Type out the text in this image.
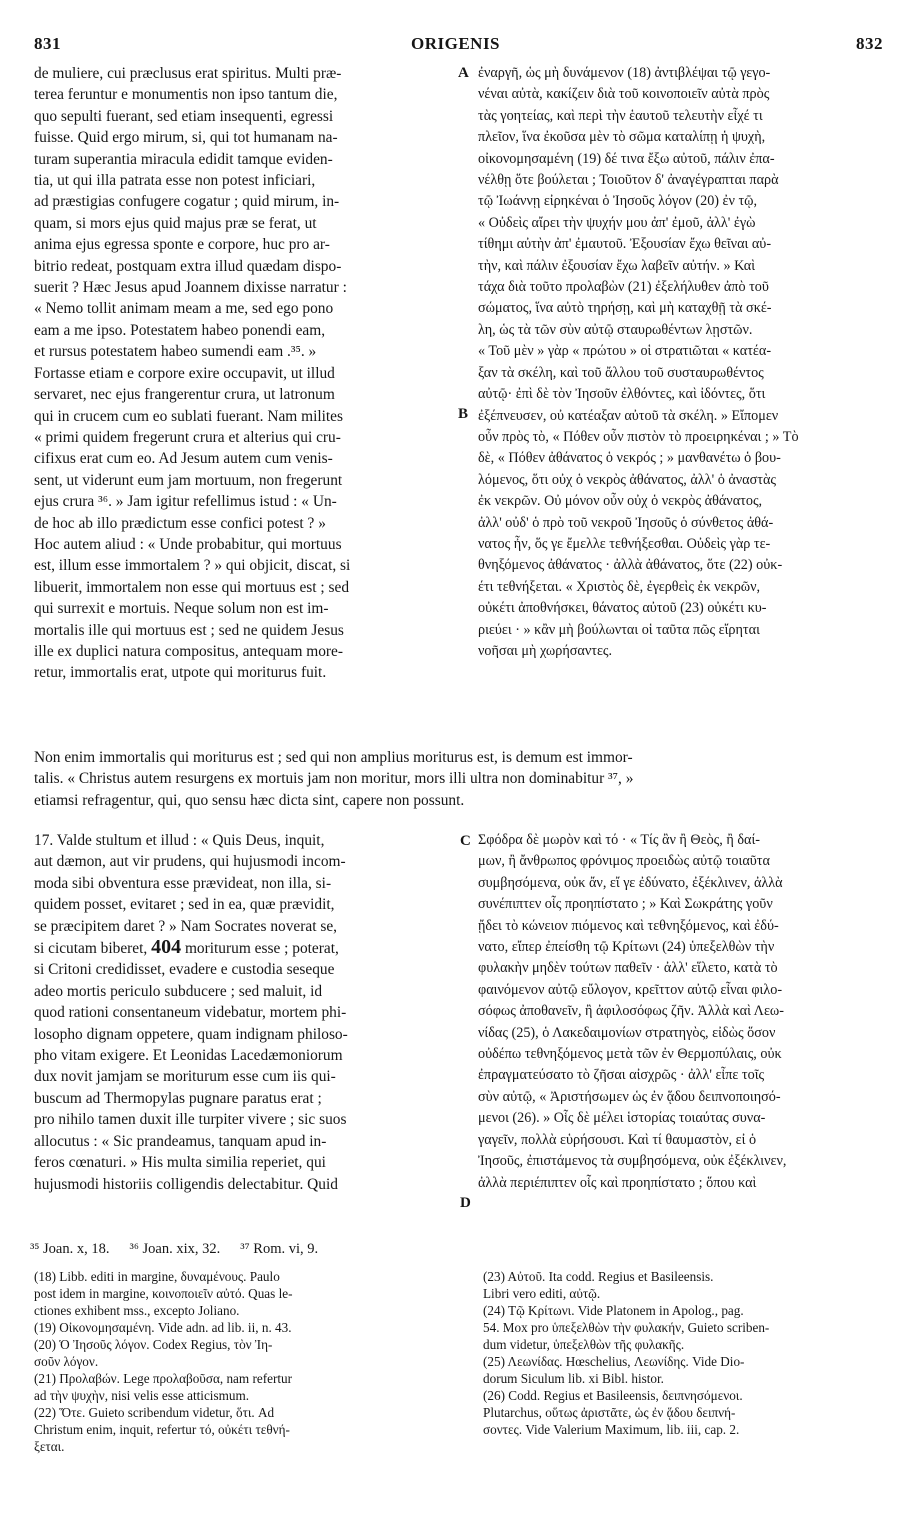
831	ORIGENIS	832
de muliere, cui præclusus erat spiritus. Multi præ-
terea feruntur e monumentis non ipso tantum die,
quo sepulti fuerant, sed etiam insequenti, egressi
fuisse. Quid ergo mirum, si, qui tot humanam na-
turam superantia miracula edidit tamque eviden-
tia, ut qui illa patrata esse non potest inficiari,
ad præstigias confugere cogatur ; quid mirum, in-
quam, si mors ejus quid majus præ se ferat, ut
anima ejus egressa sponte e corpore, huc pro ar-
bitrio redeat, postquam extra illud quædam dispo-
suerit ? Hæc Jesus apud Joannem dixisse narratur :
« Nemo tollit animam meam a me, sed ego pono
eam a me ipso. Potestatem habeo ponendi eam,
et rursus potestatem habeo sumendi eam .³⁵. »
Fortasse etiam e corpore exire occupavit, ut illud
servaret, nec ejus frangerentur crura, ut latronum
qui in crucem cum eo sublati fuerant. Nam milites
« primi quidem fregerunt crura et alterius qui cru-
cifixus erat cum eo. Ad Jesum autem cum venis-
sent, ut viderunt eum jam mortuum, non fregerunt
ejus crura ³⁶. » Jam igitur refellimus istud : « Un-
de hoc ab illo prædictum esse confici potest ? »
Hoc autem aliud : « Unde probabitur, qui mortuus
est, illum esse immortalem ? » qui objicit, discat, si
libuerit, immortalem non esse qui mortuus est ; sed
qui surrexit e mortuis. Neque solum non est im-
mortalis ille qui mortuus est ; sed ne quidem Jesus
ille ex duplici natura compositus, antequam more-
retur, immortalis erat, utpote qui moriturus fuit.
ἐναργῆ, ὡς μὴ δυνάμενον (18) ἀντιβλέψαι τῷ γεγο-
νέναι αὐτὰ, κακίζειν διὰ τοῦ κοινοποιεῖν αὐτὰ πρὸς
τὰς γοητείας, καὶ περὶ τὴν ἑαυτοῦ τελευτὴν εἶχέ τι
πλεῖον, ἵνα ἐκοῦσα μὲν τὸ σῶμα καταλίπῃ ἡ ψυχὴ,
οἰκονομησαμένη (19) δέ τινα ἔξω αὐτοῦ, πάλιν ἐπα-
νέλθῃ ὅτε βούλεται ; Τοιοῦτον δ' ἀναγέγραπται παρὰ
τῷ Ἰωάννῃ εἰρηκέναι ὁ Ἰησοῦς λόγον (20) ἐν τῷ,
« Οὐδεὶς αἴρει τὴν ψυχήν μου ἀπ' ἐμοῦ, ἀλλ' ἐγὼ
τίθημι αὐτὴν ἀπ' ἐμαυτοῦ. Ἐξουσίαν ἔχω θεῖναι αὐ-
τὴν, καὶ πάλιν ἐξουσίαν ἔχω λαβεῖν αὐτήν. » Καὶ
τάχα διὰ τοῦτο προλαβὼν (21) ἐξελήλυθεν ἀπὸ τοῦ
σώματος, ἵνα αὐτὸ τηρήσῃ, καὶ μὴ καταχθῇ τὰ σκέ-
λη, ὡς τὰ τῶν σὺν αὐτῷ σταυρωθέντων λῃστῶν.
« Τοῦ μὲν » γὰρ « πρώτου » οἱ στρατιῶται « κατέα-
ξαν τὰ σκέλη, καὶ τοῦ ἄλλου τοῦ συσταυρωθέντος
αὐτῷ· ἐπὶ δὲ τὸν Ἰησοῦν ἐλθόντες, καὶ ἰδόντες, ὅτι
ἐξέπνευσεν, οὐ κατέαξαν αὐτοῦ τὰ σκέλη. » Εἴπομεν
οὖν πρὸς τὸ, « Πόθεν οὖν πιστὸν τὸ προειρηκέναι ; » Τὸ
δὲ, « Πόθεν ἀθάνατος ὁ νεκρός ; » μανθανέτω ὁ βου-
λόμενος, ὅτι οὐχ ὁ νεκρὸς ἀθάνατος, ἀλλ' ὁ ἀναστὰς
ἐκ νεκρῶν. Οὐ μόνον οὖν οὐχ ὁ νεκρὸς ἀθάνατος,
ἀλλ' οὐδ' ὁ πρὸ τοῦ νεκροῦ Ἰησοῦς ὁ σύνθετος ἀθά-
νατος ἦν, ὅς γε ἔμελλε τεθνήξεσθαι. Οὐδεὶς γὰρ τε-
θνηξόμενος ἀθάνατος · ἀλλὰ ἀθάνατος, ὅτε (22) οὐκ-
έτι τεθνήξεται. « Χριστὸς δὲ, ἐγερθεὶς ἐκ νεκρῶν,
οὐκέτι ἀποθνήσκει, θάνατος αὐτοῦ (23) οὐκέτι κυ-
ριεύει · » κἂν μὴ βούλωνται οἱ ταῦτα πῶς εἴρηται
νοῆσαι μὴ χωρήσαντες.
A
B
C
D
Non enim immortalis qui moriturus est ; sed qui non amplius moriturus est, is demum est immor-
talis. « Christus autem resurgens ex mortuis jam non moritur, mors illi ultra non dominabitur ³⁷, »
etiamsi refragentur, qui, quo sensu hæc dicta sint, capere non possunt.
17. Valde stultum et illud : « Quis Deus, inquit,
aut dæmon, aut vir prudens, qui hujusmodi incom-
moda sibi obventura esse prævideat, non illa, si-
quidem posset, evitaret ; sed in ea, quæ prævidit,
se præcipitem daret ? » Nam Socrates noverat se,
si cicutam biberet, 404 moriturum esse ; poterat,
si Critoni credidisset, evadere e custodia seseque
adeo mortis periculo subducere ; sed maluit, id
quod rationi consentaneum videbatur, mortem phi-
losopho dignam oppetere, quam indignam philoso-
pho vitam exigere. Et Leonidas Lacedæmoniorum
dux novit jamjam se moriturum esse cum iis qui-
buscum ad Thermopylas pugnare paratus erat ;
pro nihilo tamen duxit ille turpiter vivere ; sic suos
allocutus : « Sic prandeamus, tanquam apud in-
feros cœnaturi. » His multa similia reperiet, qui
hujusmodi historiis colligendis delectabitur. Quid
Σφόδρα δὲ μωρὸν καὶ τό · « Τίς ἂν ἢ Θεὸς, ἢ δαί-
μων, ἢ ἄνθρωπος φρόνιμος προειδὼς αὐτῷ τοιαῦτα
συμβησόμενα, οὐκ ἄν, εἴ γε ἐδύνατο, ἐξέκλινεν, ἀλλὰ
συνέπιπτεν οἷς προηπίστατο ; » Καὶ Σωκράτης γοῦν
ᾔδει τὸ κώνειον πιόμενος καὶ τεθνηξόμενος, καὶ ἐδύ-
νατο, εἴπερ ἐπείσθη τῷ Κρίτωνι (24) ὑπεξελθὼν τὴν
φυλακὴν μηδὲν τούτων παθεῖν · ἀλλ' εἵλετο, κατὰ τὸ
φαινόμενον αὐτῷ εὔλογον, κρεῖττον αὐτῷ εἶναι φιλο-
σόφως ἀποθανεῖν, ἢ ἀφιλοσόφως ζῆν. Ἀλλὰ καὶ Λεω-
νίδας (25), ὁ Λακεδαιμονίων στρατηγὸς, εἰδὼς ὅσον
οὐδέπω τεθνηξόμενος μετὰ τῶν ἐν Θερμοπύλαις, οὐκ
ἐπραγματεύσατο τὸ ζῆσαι αἰσχρῶς · ἀλλ' εἶπε τοῖς
σὺν αὐτῷ, « Ἀριστήσωμεν ὡς ἐν ᾅδου δειπνοποιησό-
μενοι (26). » Οἷς δὲ μέλει ἱστορίας τοιαύτας συνα-
γαγεῖν, πολλὰ εὑρήσουσι. Καὶ τί θαυμαστὸν, εἰ ὁ
Ἰησοῦς, ἐπιστάμενος τὰ συμβησόμενα, οὐκ ἐξέκλινεν,
ἀλλὰ περιέπιπτεν οἷς καὶ προηπίστατο ; ὅπου καὶ
³⁵ Joan. x, 18. ³⁶ Joan. xix, 32. ³⁷ Rom. vi, 9.
(18) Libb. editi in margine, δυναμένους. Paulo
post idem in margine, κοινοποιεῖν αὐτό. Quas le-
ctiones exhibent mss., excepto Joliano.
(19) Οἰκονομησαμένη. Vide adn. ad lib. ii, n. 43.
(20) Ὁ Ἰησοῦς λόγον. Codex Regius, τὸν Ἰη-
σοῦν λόγον.
(21) Προλαβών. Lege προλαβοῦσα, nam refertur
ad τὴν ψυχὴν, nisi velis esse atticismum.
(22) Ὅτε. Guieto scribendum videtur, ὅτι. Ad
Christum enim, inquit, refertur τό, οὐκέτι τεθνή-
ξεται.
(23) Αὐτοῦ. Ita codd. Regius et Basileensis.
Libri vero editi, αὐτῷ.
(24) Τῷ Κρίτωνι. Vide Platonem in Apolog., pag.
54. Mox pro ὑπεξελθὼν τὴν φυλακήν, Guieto scriben-
dum videtur, ὑπεξελθὼν τῆς φυλακῆς.
(25) Λεωνίδας. Hœschelius, Λεωνίδης. Vide Dio-
dorum Siculum lib. xi Bibl. histor.
(26) Codd. Regius et Basileensis, δειπνησόμενοι.
Plutarchus, οὕτως ἀριστᾶτε, ὡς ἐν ᾅδου δειπνή-
σοντες. Vide Valerium Maximum, lib. iii, cap. 2.
